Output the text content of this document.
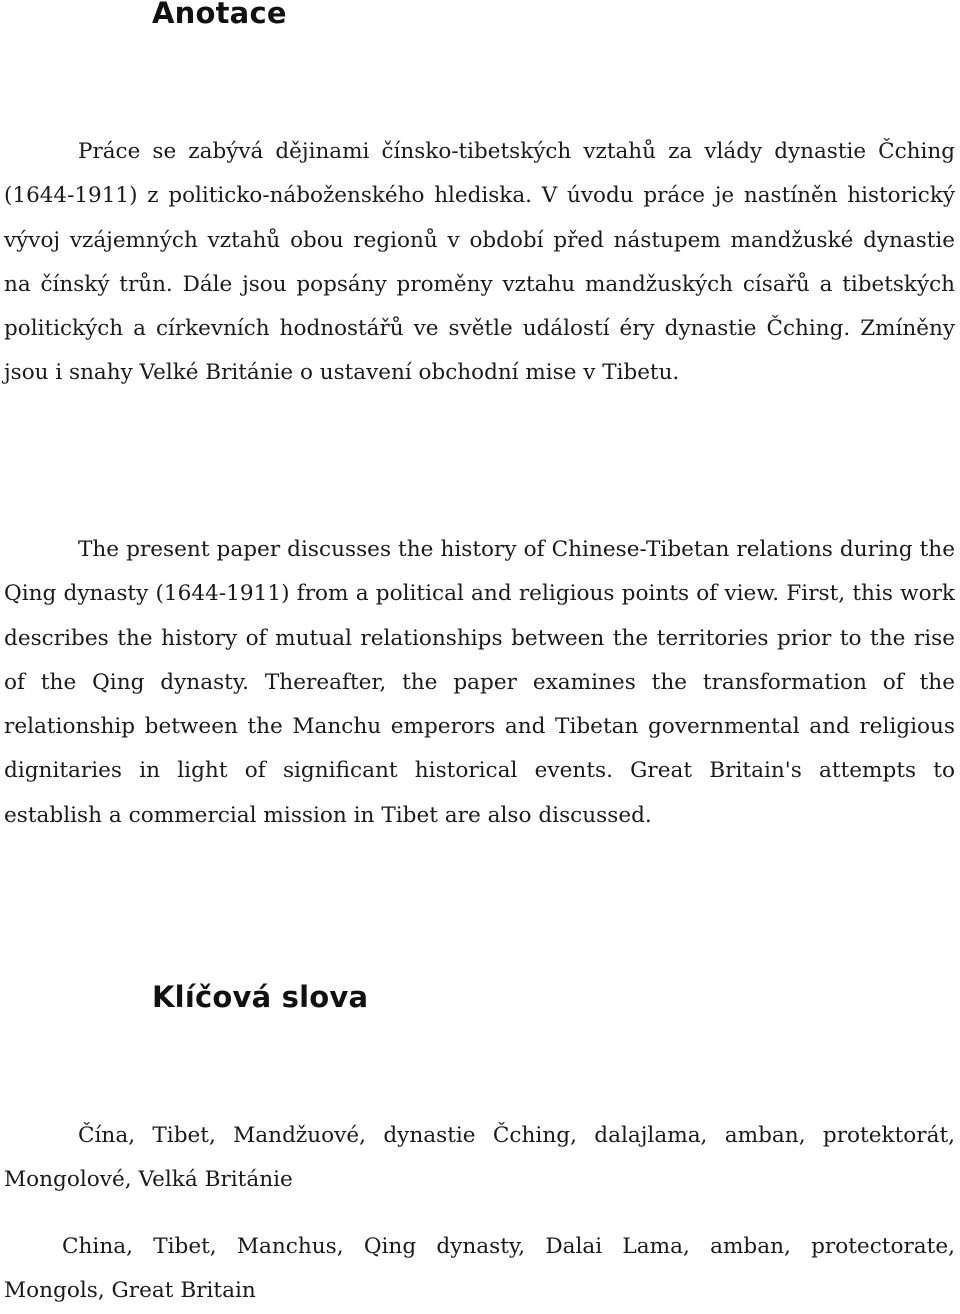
Anotace

Práce se zabývá dějinami čínsko-tibetských vztahů za vlády dynastie Čching (1644-1911) z politicko-náboženského hlediska. V úvodu práce je nastíněn historický vývoj vzájemných vztahů obou regionů v období před nástupem mandžuské dynastie na čínský trůn. Dále jsou popsány proměny vztahu mandžuských císařů a tibetských politických a církevních hodnostářů ve světle událostí éry dynastie Čching. Zmíněny jsou i snahy Velké Británie o ustavení obchodní mise v Tibetu.

The present paper discusses the history of Chinese-Tibetan relations during the Qing dynasty (1644-1911) from a political and religious points of view. First, this work describes the history of mutual relationships between the territories prior to the rise of the Qing dynasty. Thereafter, the paper examines the transformation of the relationship between the Manchu emperors and Tibetan governmental and religious dignitaries in light of significant historical events. Great Britain's attempts to establish a commercial mission in Tibet are also discussed.

Klíčová slova

Čína, Tibet, Mandžuové, dynastie Čching, dalajlama, amban, protektorát, Mongolové, Velká Británie

China, Tibet, Manchus, Qing dynasty, Dalai Lama, amban, protectorate, Mongols, Great Britain
